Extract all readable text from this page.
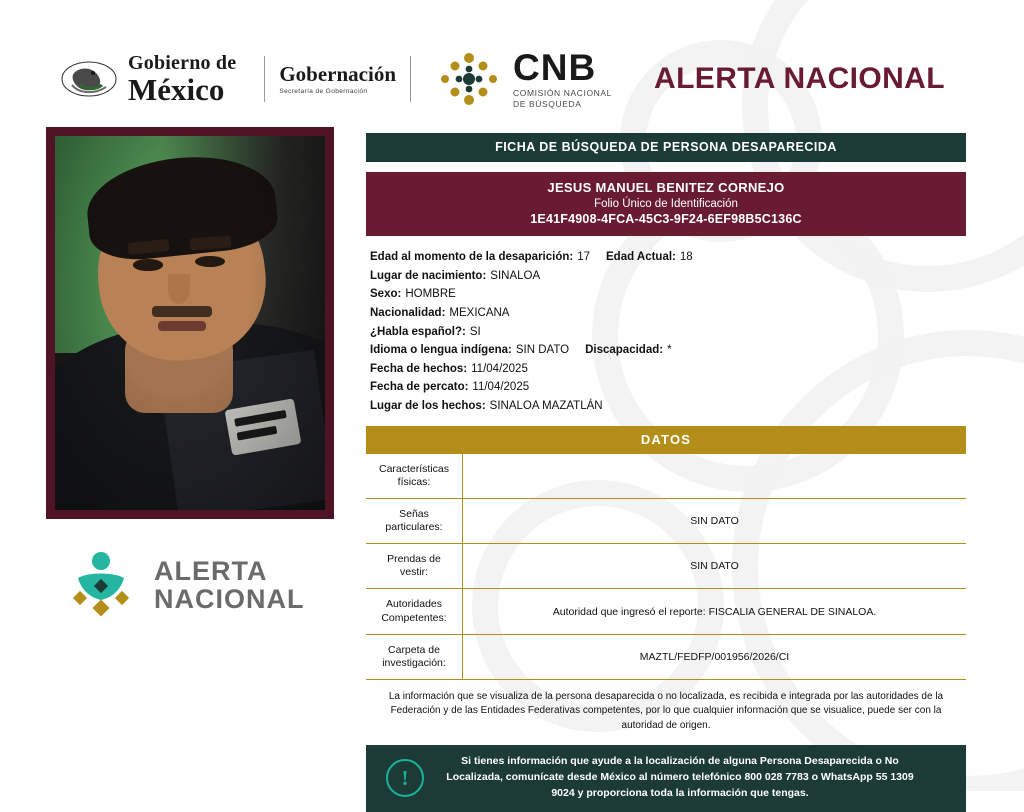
Gobierno de
México	Gobernación
Secretaría de Gobernación
CNB
COMISIÓN NACIONAL
DE BÚSQUEDA
ALERTA NACIONAL
ALERTA
NACIONAL
FICHA DE BÚSQUEDA DE PERSONA DESAPARECIDA
JESUS MANUEL BENITEZ CORNEJO
Folio Único de Identificación
1E41F4908-4FCA-45C3-9F24-6EF98B5C136C
Edad al momento de la desaparición: 17 Edad Actual: 18
Lugar de nacimiento: SINALOA
Sexo: HOMBRE
Nacionalidad: MEXICANA
¿Habla español?: SI
Idioma o lengua indígena: SIN DATO Discapacidad: *
Fecha de hechos: 11/04/2025
Fecha de percato: 11/04/2025
Lugar de los hechos: SINALOA MAZATLÁN
DATOS
Características físicas:	
Señas particulares:	SIN DATO
Prendas de vestir:	SIN DATO
Autoridades Competentes:	Autoridad que ingresó el reporte: FISCALIA GENERAL DE SINALOA.
Carpeta de investigación:	MAZTL/FEDFP/001956/2026/CI
La información que se visualiza de la persona desaparecida o no localizada, es recibida e integrada por las autoridades de la Federación y de las Entidades Federativas competentes, por lo que cualquier información que se visualice, puede ser con la autoridad de origen.
!
Si tienes información que ayude a la localización de alguna Persona Desaparecida o No Localizada, comunícate desde México al número telefónico 800 028 7783 o WhatsApp 55 1309 9024 y proporciona toda la información que tengas.
